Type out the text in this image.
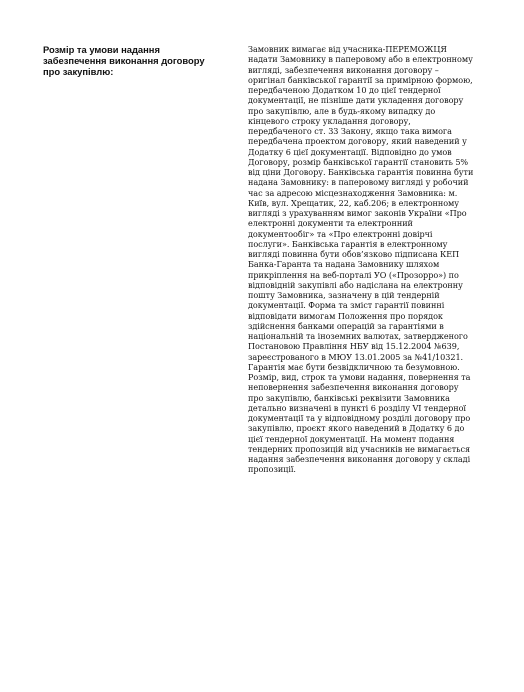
Розмір та умови надання
забезпечення виконання договору
про закупівлю:
Замовник вимагає від учасника-ПЕРЕМОЖЦЯ
надати Замовнику в паперовому або в електронному
вигляді, забезпечення виконання договору –
оригінал банківської гарантії за примірною формою,
передбаченою Додатком 10 до цієї тендерної
документації, не пізніше дати укладення договору
про закупівлю, але в будь-якому випадку до
кінцевого строку укладання договору,
передбаченого ст. 33 Закону, якщо така вимога
передбачена проектом договору, який наведений у
Додатку 6 цієї документації. Відповідно до умов
Договору, розмір банківської гарантії становить 5%
від ціни Договору. Банківська гарантія повинна бути
надана Замовнику: в паперовому вигляді у робочий
час за адресою місцезнаходження Замовника: м.
Київ, вул. Хрещатик, 22, каб.206; в електронному
вигляді з урахуванням вимог законів України «Про
електронні документи та електронний
документообіг» та «Про електронні довірчі
послуги». Банківська гарантія в електронному
вигляді повинна бути обов’язково підписана КЕП
Банка-Гаранта та надана Замовнику шляхом
прикріплення на веб-порталі УО («Прозорро») по
відповідній закупівлі або надіслана на електронну
пошту Замовника, зазначену в цій тендерній
документації. Форма та зміст гарантії повинні
відповідати вимогам Положення про порядок
здійснення банками операцій за гарантіями в
національній та іноземних валютах, затвердженого
Постановою Правління НБУ від 15.12.2004 №639,
зареєстрованого в МЮУ 13.01.2005 за №41/10321.
Гарантія має бути безвідкличною та безумовною.
Розмір, вид, строк та умови надання, повернення та
неповернення забезпечення виконання договору
про закупівлю, банківські реквізити Замовника
детально визначені в пункті 6 розділу VI тендерної
документації та у відповідному розділі договору про
закупівлю, проєкт якого наведений в Додатку 6 до
цієї тендерної документації. На момент подання
тендерних пропозицій від учасників не вимагається
надання забезпечення виконання договору у складі
пропозиції.
